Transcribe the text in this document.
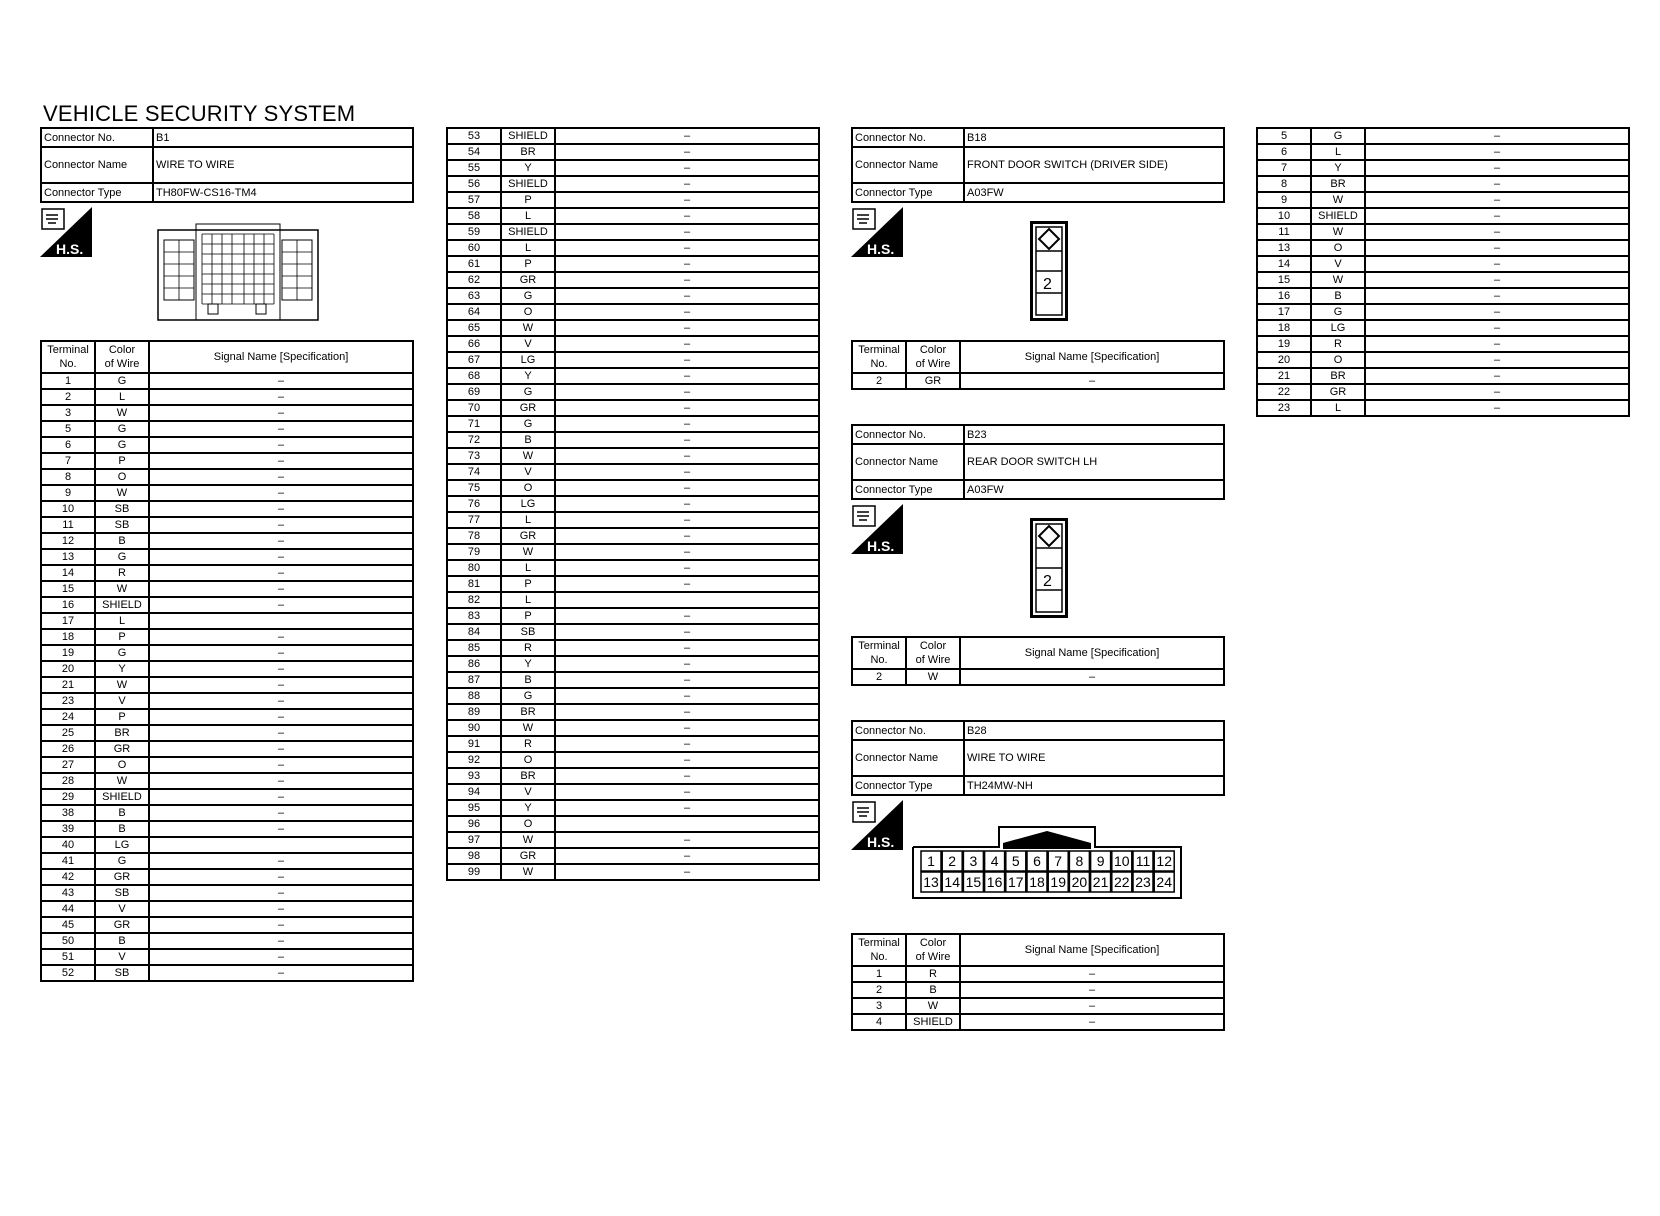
VEHICLE SECURITY SYSTEM
Connector No.	B1
Connector Name	WIRE TO WIRE
Connector Type	TH80FW-CS16-TM4
H.S.
Terminal
No.	Color
of Wire	Signal Name [Specification]
1	G	–
2	L	–
3	W	–
5	G	–
6	G	–
7	P	–
8	O	–
9	W	–
10	SB	–
11	SB	–
12	B	–
13	G	–
14	R	–
15	W	–
16	SHIELD	–
17	L	
18	P	–
19	G	–
20	Y	–
21	W	–
23	V	–
24	P	–
25	BR	–
26	GR	–
27	O	–
28	W	–
29	SHIELD	–
38	B	–
39	B	–
40	LG	
41	G	–
42	GR	–
43	SB	–
44	V	–
45	GR	–
50	B	–
51	V	–
52	SB	–
53	SHIELD	–
54	BR	–
55	Y	–
56	SHIELD	–
57	P	–
58	L	–
59	SHIELD	–
60	L	–
61	P	–
62	GR	–
63	G	–
64	O	–
65	W	–
66	V	–
67	LG	–
68	Y	–
69	G	–
70	GR	–
71	G	–
72	B	–
73	W	–
74	V	–
75	O	–
76	LG	–
77	L	–
78	GR	–
79	W	–
80	L	–
81	P	–
82	L	
83	P	–
84	SB	–
85	R	–
86	Y	–
87	B	–
88	G	–
89	BR	–
90	W	–
91	R	–
92	O	–
93	BR	–
94	V	–
95	Y	–
96	O	
97	W	–
98	GR	–
99	W	–
Connector No.	B18
Connector Name	FRONT DOOR SWITCH (DRIVER SIDE)
Connector Type	A03FW
H.S.
2
Terminal
No.	Color
of Wire	Signal Name [Specification]
2	GR	–
Connector No.	B23
Connector Name	REAR DOOR SWITCH LH
Connector Type	A03FW
H.S.
2
Terminal
No.	Color
of Wire	Signal Name [Specification]
2	W	–
Connector No.	B28
Connector Name	WIRE TO WIRE
Connector Type	TH24MW-NH
H.S.
1 2 3 4 5 6 7 8 9 10 11 12
13 14 15 16 17 18 19 20 21 22 23 24
Terminal
No.	Color
of Wire	Signal Name [Specification]
1	R	–
2	B	–
3	W	–
4	SHIELD	–
5	G	–
6	L	–
7	Y	–
8	BR	–
9	W	–
10	SHIELD	–
11	W	–
13	O	–
14	V	–
15	W	–
16	B	–
17	G	–
18	LG	–
19	R	–
20	O	–
21	BR	–
22	GR	–
23	L	–
